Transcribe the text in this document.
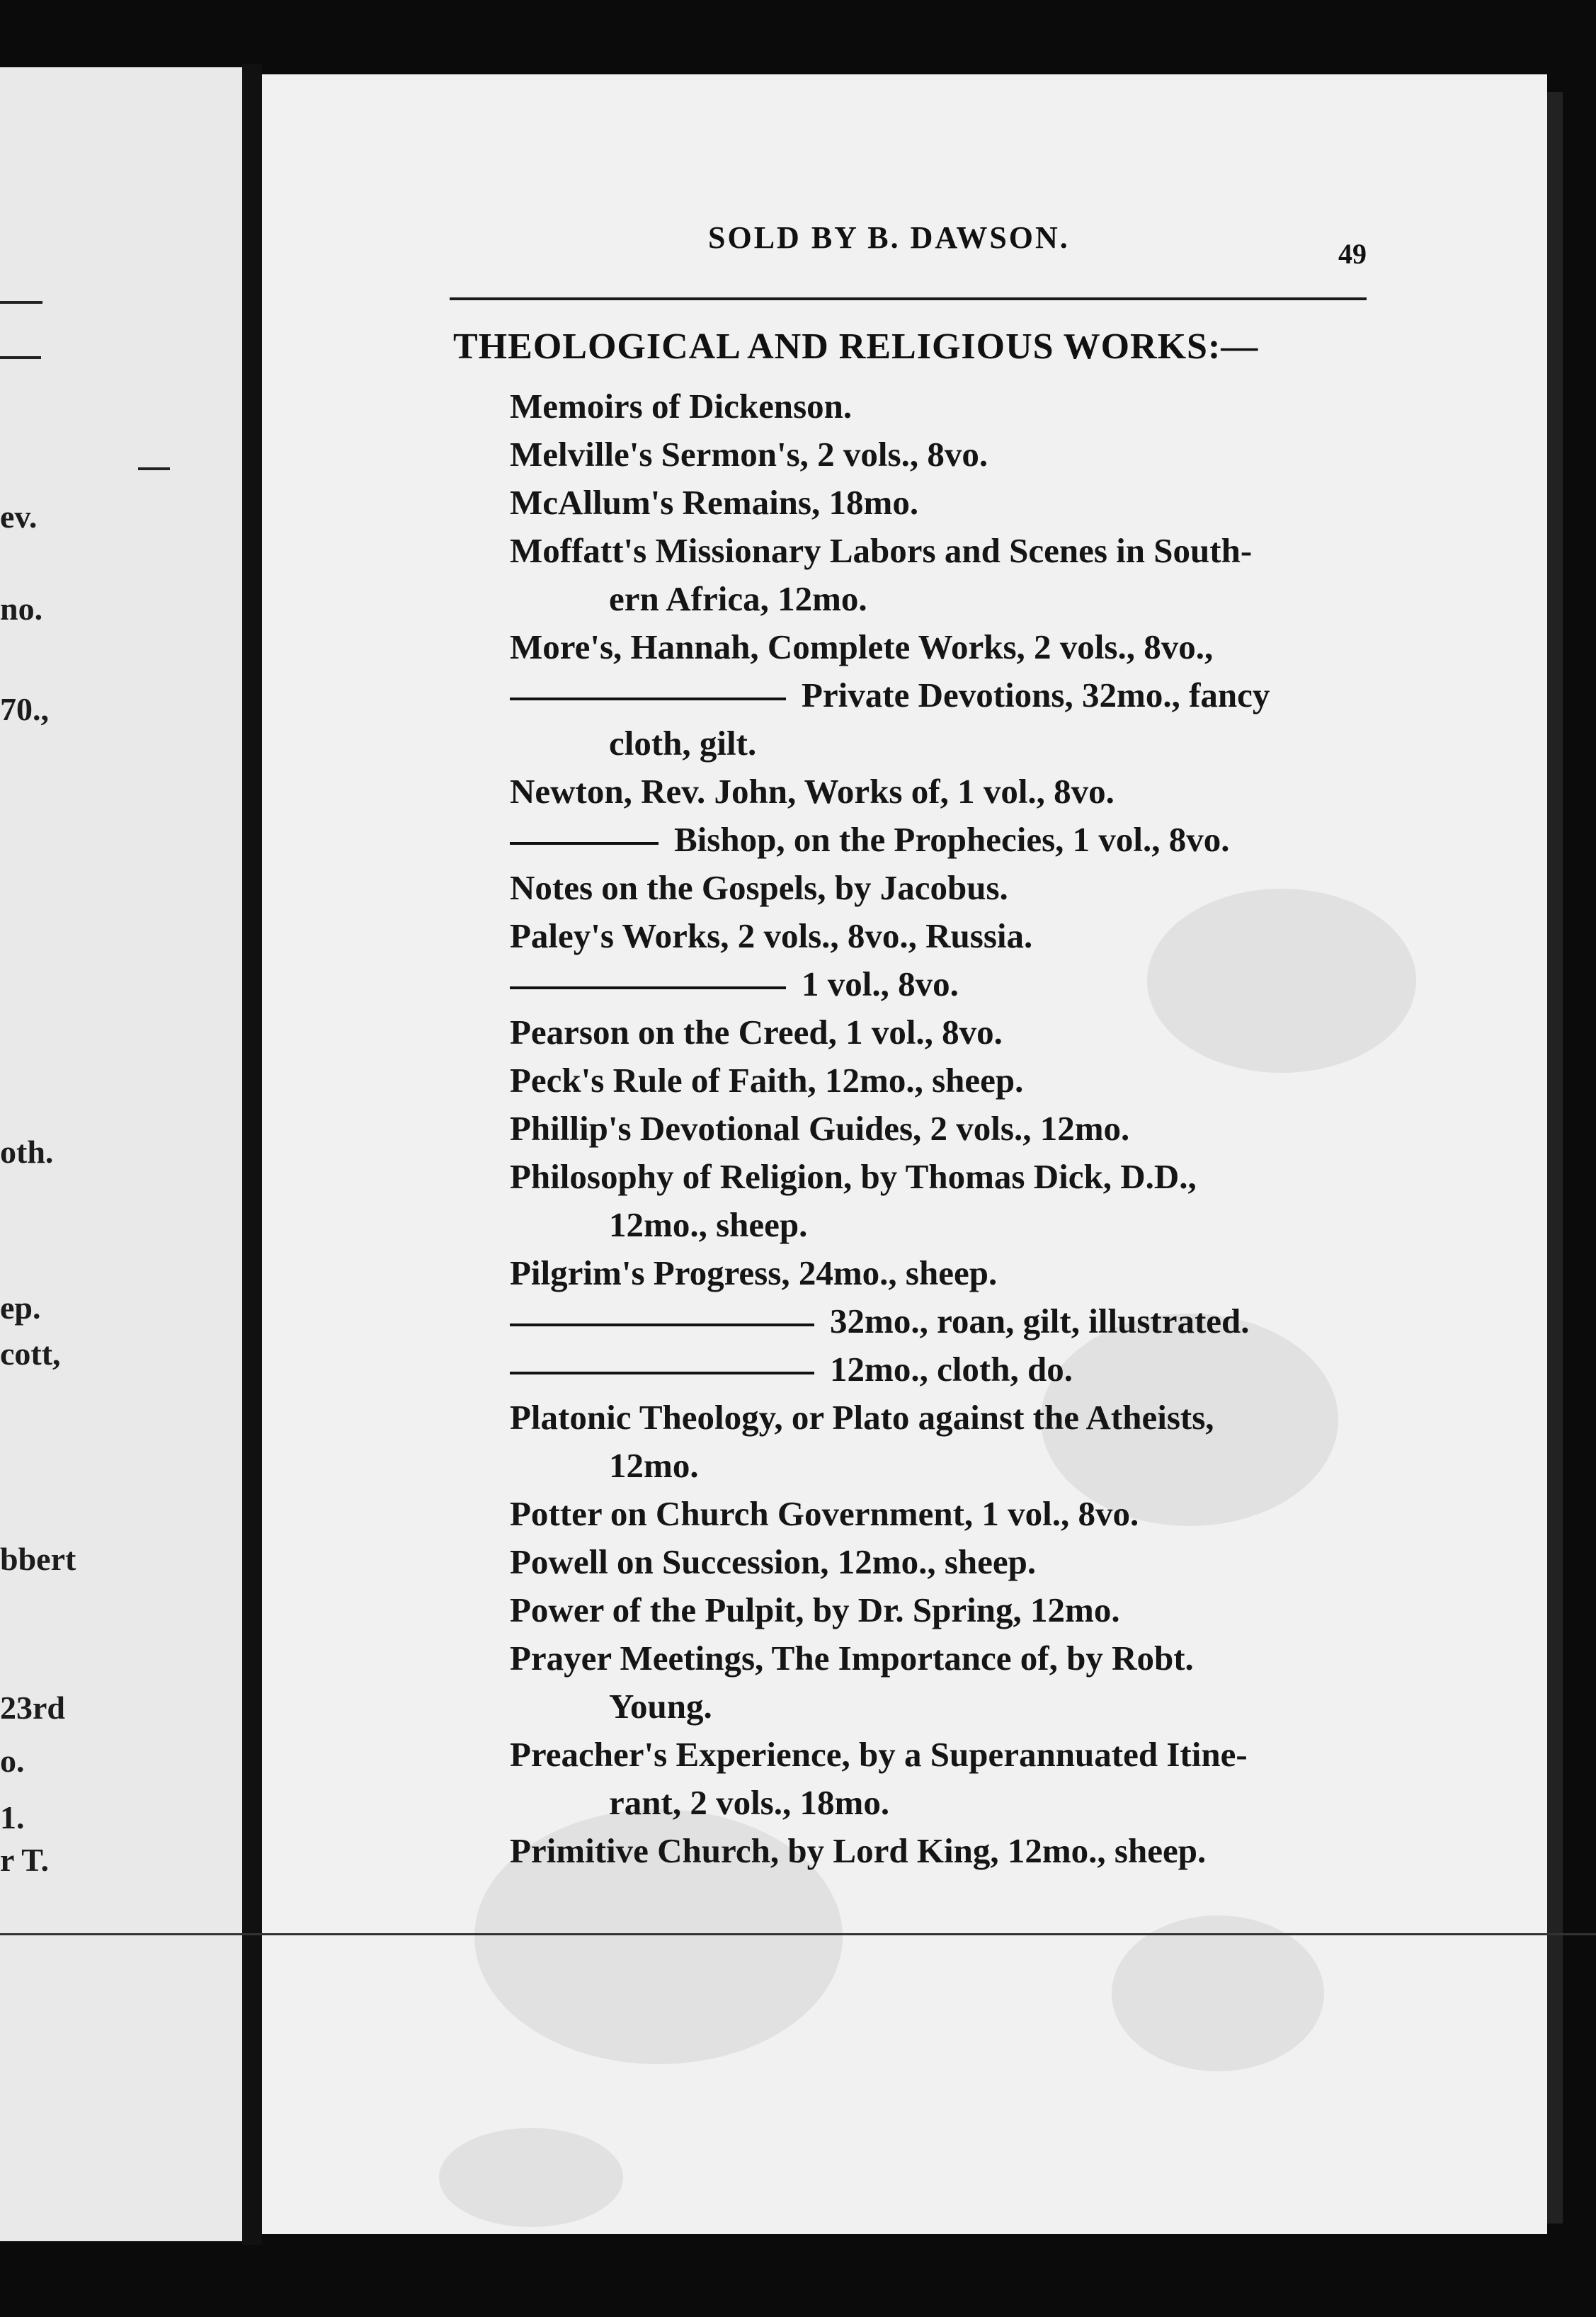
ev.
no.
70.,
oth.
ep.
cott,
bbert
23rd
o.
1.
r T.
SOLD BY B. DAWSON.	49
THEOLOGICAL AND RELIGIOUS WORKS:—
Memoirs of Dickenson.
Melville's Sermon's, 2 vols., 8vo.
McAllum's Remains, 18mo.
Moffatt's Missionary Labors and Scenes in South-
ern Africa, 12mo.
More's, Hannah, Complete Works, 2 vols., 8vo.,
Private Devotions, 32mo., fancy
cloth, gilt.
Newton, Rev. John, Works of, 1 vol., 8vo.
Bishop, on the Prophecies, 1 vol., 8vo.
Notes on the Gospels, by Jacobus.
Paley's Works, 2 vols., 8vo., Russia.
1 vol., 8vo.
Pearson on the Creed, 1 vol., 8vo.
Peck's Rule of Faith, 12mo., sheep.
Phillip's Devotional Guides, 2 vols., 12mo.
Philosophy of Religion, by Thomas Dick, D.D.,
12mo., sheep.
Pilgrim's Progress, 24mo., sheep.
32mo., roan, gilt, illustrated.
12mo., cloth, do.
Platonic Theology, or Plato against the Atheists,
12mo.
Potter on Church Government, 1 vol., 8vo.
Powell on Succession, 12mo., sheep.
Power of the Pulpit, by Dr. Spring, 12mo.
Prayer Meetings, The Importance of, by Robt.
Young.
Preacher's Experience, by a Superannuated Itine-
rant, 2 vols., 18mo.
Primitive Church, by Lord King, 12mo., sheep.
